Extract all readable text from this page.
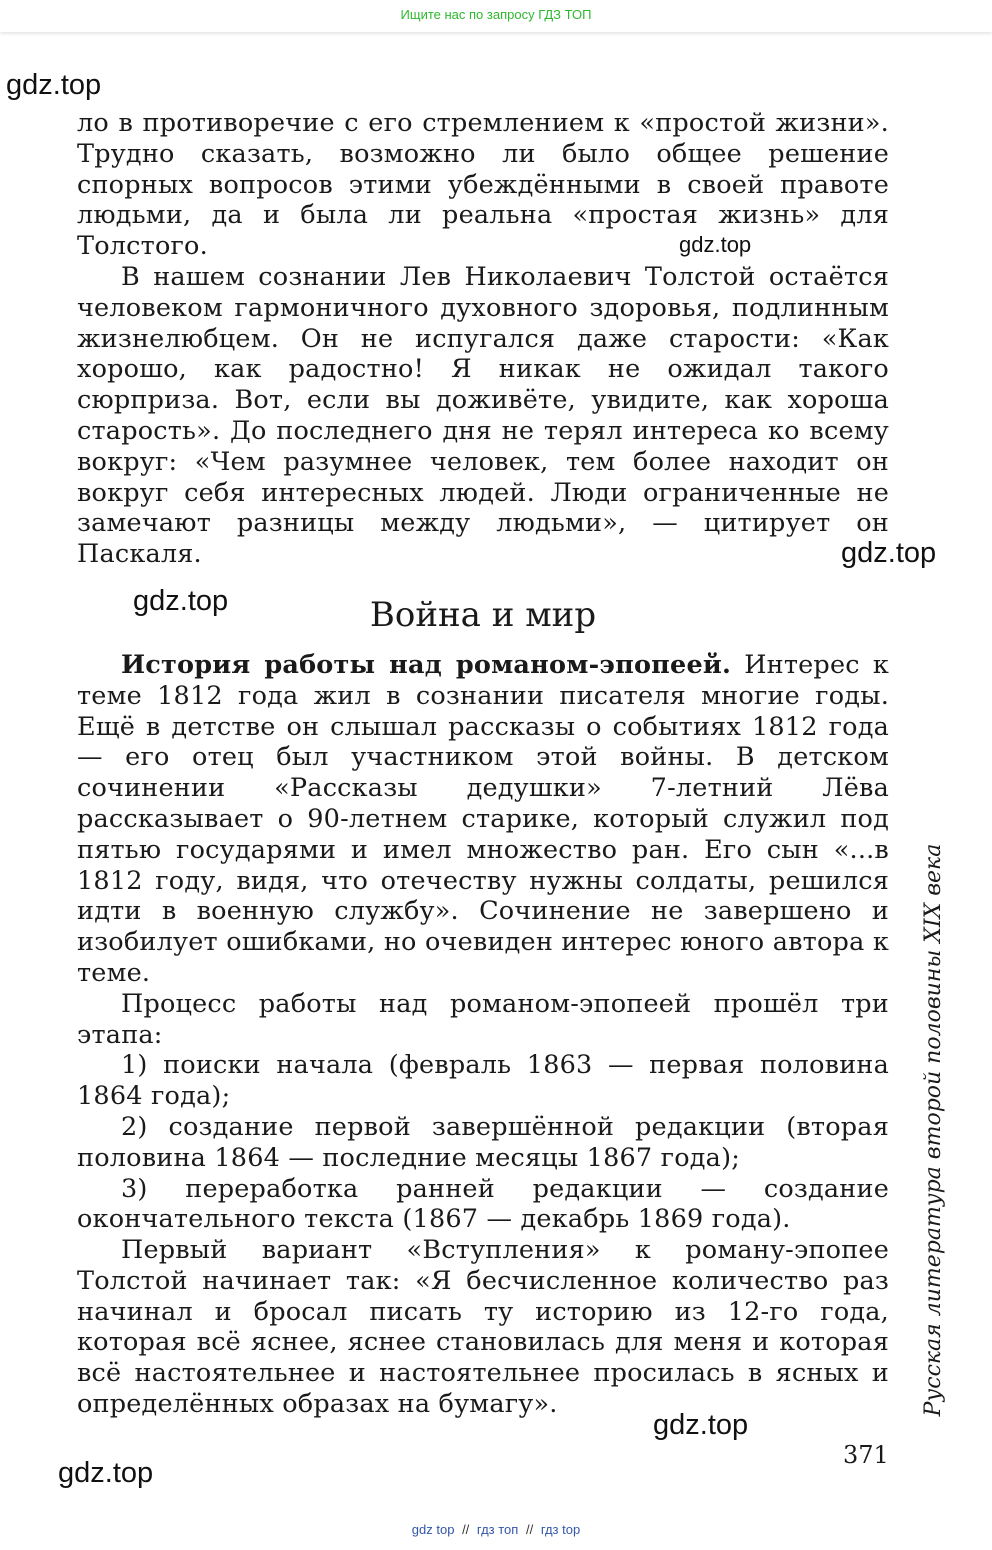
Ищите нас по запросу ГДЗ ТОП
gdz.top
gdz.top
gdz.top
gdz.top
gdz.top
gdz.top

ло в противоречие с его стремлением к «простой жизни». Трудно сказать, возможно ли было общее решение спорных вопросов этими убеждёнными в своей правоте людьми, да и была ли реальна «простая жизнь» для Толстого.

В нашем сознании Лев Николаевич Толстой остаётся человеком гармоничного духовного здоровья, подлинным жизнелюбцем. Он не испугался даже старости: «Как хорошо, как радостно! Я никак не ожидал такого сюрприза. Вот, если вы доживёте, увидите, как хороша старость». До последнего дня не терял интереса ко всему вокруг: «Чем разумнее человек, тем более находит он вокруг себя интересных людей. Люди ограниченные не замечают разницы между людьми», — цитирует он Паскаля.

Война и мир

История работы над романом-эпопеей. Интерес к теме 1812 года жил в сознании писателя многие годы. Ещё в детстве он слышал рассказы о событиях 1812 года — его отец был участником этой войны. В детском сочинении «Рассказы дедушки» 7-летний Лёва рассказывает о 90-летнем старике, который служил под пятью государями и имел множество ран. Его сын «...в 1812 году, видя, что отечеству нужны солдаты, решился идти в военную службу». Сочинение не завершено и изобилует ошибками, но очевиден интерес юного автора к теме.

Процесс работы над романом-эпопеей прошёл три этапа:

1) поиски начала (февраль 1863 — первая половина 1864 года);

2) создание первой завершённой редакции (вторая половина 1864 — последние месяцы 1867 года);

3) переработка ранней редакции — создание окончательного текста (1867 — декабрь 1869 года).

Первый вариант «Вступления» к роману-эпопее Толстой начинает так: «Я бесчисленное количество раз начинал и бросал писать ту историю из 12-го года, которая всё яснее, яснее становилась для меня и которая всё настоятельнее и настоятельнее просилась в ясных и определённых образах на бумагу».	Русская литература второй половины XIX века
371
gdz top // гдз топ // гдз top
